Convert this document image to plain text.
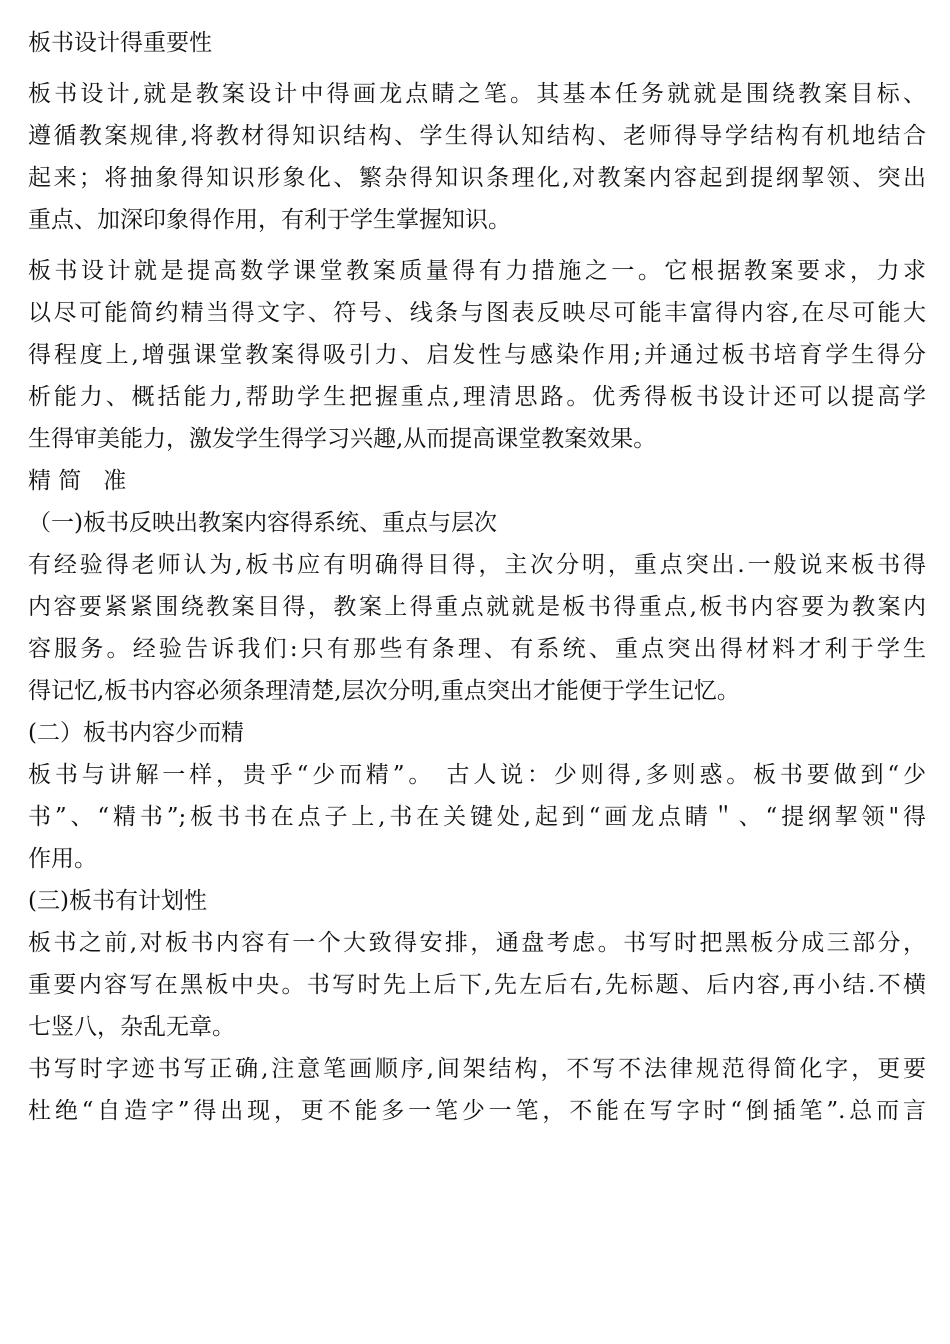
板书设计得重要性
板书设计,就是教案设计中得画龙点睛之笔。其基本任务就就是围绕教案目标、
遵循教案规律,将教材得知识结构、学生得认知结构、老师得导学结构有机地结合
起来；将抽象得知识形象化、繁杂得知识条理化,对教案内容起到提纲挈领、突出
重点、加深印象得作用，有利于学生掌握知识。
板书设计就是提高数学课堂教案质量得有力措施之一。它根据教案要求，力求
以尽可能简约精当得文字、符号、线条与图表反映尽可能丰富得内容,在尽可能大
得程度上,增强课堂教案得吸引力、启发性与感染作用;并通过板书培育学生得分
析能力、概括能力,帮助学生把握重点,理清思路。优秀得板书设计还可以提高学
生得审美能力，激发学生得学习兴趣,从而提高课堂教案效果。
精 简   准
（一)板书反映出教案内容得系统、重点与层次
有经验得老师认为,板书应有明确得目得，主次分明，重点突出.一般说来板书得
内容要紧紧围绕教案目得，教案上得重点就就是板书得重点,板书内容要为教案内
容服务。经验告诉我们:只有那些有条理、有系统、重点突出得材料才利于学生
得记忆,板书内容必须条理清楚,层次分明,重点突出才能便于学生记忆。
(二）板书内容少而精
板书与讲解一样，贵乎“少而精”。 古人说：少则得,多则惑。板书要做到“少
书”、“精书”;板书书在点子上,书在关键处,起到“画龙点睛＂、“提纲挈领"得
作用。
(三)板书有计划性
板书之前,对板书内容有一个大致得安排，通盘考虑。书写时把黑板分成三部分，
重要内容写在黑板中央。书写时先上后下,先左后右,先标题、后内容,再小结.不横
七竖八，杂乱无章。
书写时字迹书写正确,注意笔画顺序,间架结构，不写不法律规范得简化字，更要
杜绝“自造字”得出现，更不能多一笔少一笔，不能在写字时“倒插笔”.总而言
